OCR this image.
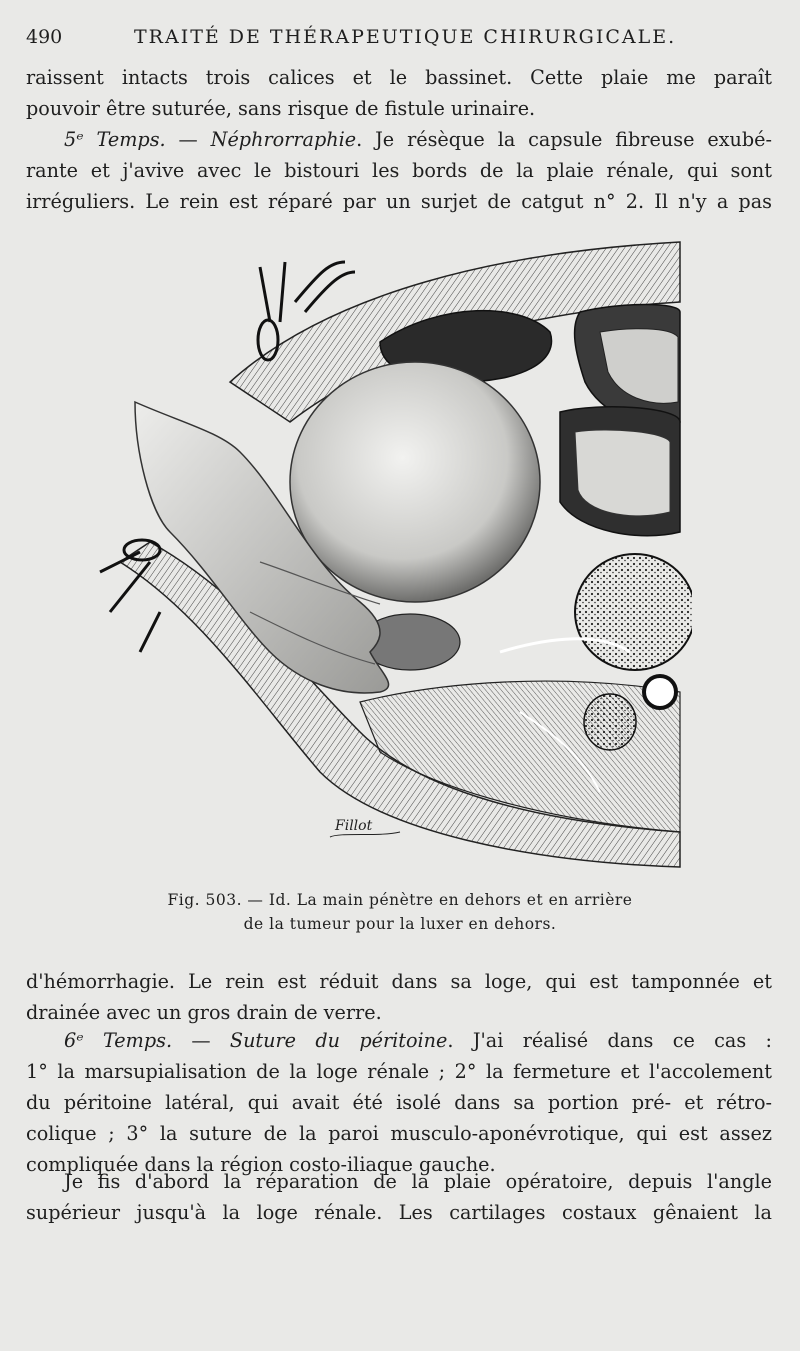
490	TRAITÉ DE THÉRAPEUTIQUE CHIRURGICALE.
raissent intacts trois calices et le bassinet. Cette plaie me paraît
pouvoir être suturée, sans risque de fistule urinaire.
5ᵉ Temps. — Néphrorraphie. Je résèque la capsule fibreuse exubé-
rante et j'avive avec le bistouri les bords de la plaie rénale, qui sont
irréguliers. Le rein est réparé par un surjet de catgut n° 2. Il n'y a pas
Fillot
Fig. 503. — Id. La main pénètre en dehors et en arrière
de la tumeur pour la luxer en dehors.
d'hémorrhagie. Le rein est réduit dans sa loge, qui est tamponnée et
drainée avec un gros drain de verre.
6ᵉ Temps. — Suture du péritoine. J'ai réalisé dans ce cas :
1° la marsupialisation de la loge rénale ; 2° la fermeture et l'accolement
du péritoine latéral, qui avait été isolé dans sa portion pré- et rétro-
colique ; 3° la suture de la paroi musculo-aponévrotique, qui est assez
compliquée dans la région costo-iliaque gauche.
Je fis d'abord la réparation de la plaie opératoire, depuis l'angle
supérieur jusqu'à la loge rénale. Les cartilages costaux gênaient la
